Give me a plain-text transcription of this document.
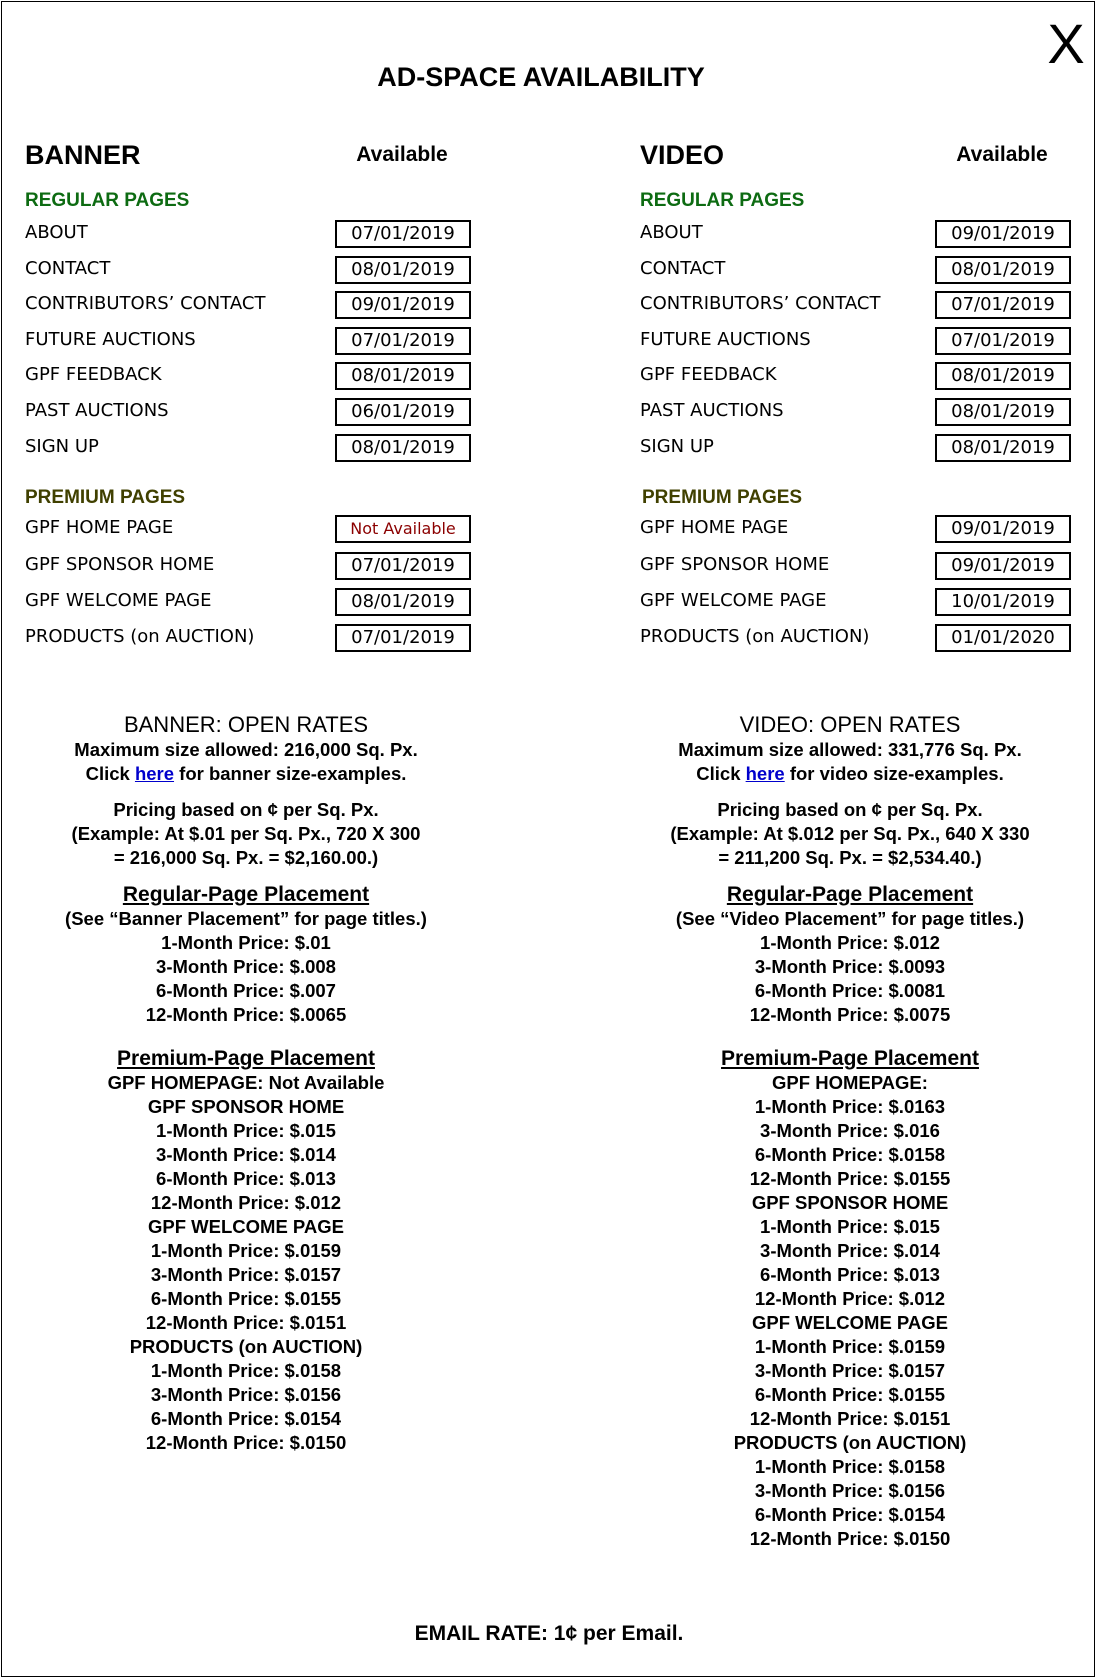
X
AD-SPACE AVAILABILITY
BANNER	Available
REGULAR PAGES
PREMIUM PAGES
VIDEO	Available
REGULAR PAGES
PREMIUM PAGES
ABOUT	07/01/2019
CONTACT	08/01/2019
CONTRIBUTORS’ CONTACT	09/01/2019
FUTURE AUCTIONS	07/01/2019
GPF FEEDBACK	08/01/2019
PAST AUCTIONS	06/01/2019
SIGN UP	08/01/2019
GPF HOME PAGE	Not Available
GPF SPONSOR HOME	07/01/2019
GPF WELCOME PAGE	08/01/2019
PRODUCTS (on AUCTION)	07/01/2019
ABOUT	09/01/2019
CONTACT	08/01/2019
CONTRIBUTORS’ CONTACT	07/01/2019
FUTURE AUCTIONS	07/01/2019
GPF FEEDBACK	08/01/2019
PAST AUCTIONS	08/01/2019
SIGN UP	08/01/2019
GPF HOME PAGE	09/01/2019
GPF SPONSOR HOME	09/01/2019
GPF WELCOME PAGE	10/01/2019
PRODUCTS (on AUCTION)	01/01/2020
BANNER: OPEN RATES
Maximum size allowed: 216,000 Sq. Px.
Click here for banner size-examples.
Pricing based on ¢ per Sq. Px.
(Example: At $.01 per Sq. Px., 720 X 300
= 216,000 Sq. Px. = $2,160.00.)
Regular-Page Placement
(See “Banner Placement” for page titles.)
1-Month Price: $.01
3-Month Price: $.008
6-Month Price: $.007
12-Month Price: $.0065
Premium-Page Placement
GPF HOMEPAGE: Not Available
GPF SPONSOR HOME
1-Month Price: $.015
3-Month Price: $.014
6-Month Price: $.013
12-Month Price: $.012
GPF WELCOME PAGE
1-Month Price: $.0159
3-Month Price: $.0157
6-Month Price: $.0155
12-Month Price: $.0151
PRODUCTS (on AUCTION)
1-Month Price: $.0158
3-Month Price: $.0156
6-Month Price: $.0154
12-Month Price: $.0150
VIDEO: OPEN RATES
Maximum size allowed: 331,776 Sq. Px.
Click here for video size-examples.
Pricing based on ¢ per Sq. Px.
(Example: At $.012 per Sq. Px., 640 X 330
= 211,200 Sq. Px. = $2,534.40.)
Regular-Page Placement
(See “Video Placement” for page titles.)
1-Month Price: $.012
3-Month Price: $.0093
6-Month Price: $.0081
12-Month Price: $.0075
Premium-Page Placement
GPF HOMEPAGE:
1-Month Price: $.0163
3-Month Price: $.016
6-Month Price: $.0158
12-Month Price: $.0155
GPF SPONSOR HOME
1-Month Price: $.015
3-Month Price: $.014
6-Month Price: $.013
12-Month Price: $.012
GPF WELCOME PAGE
1-Month Price: $.0159
3-Month Price: $.0157
6-Month Price: $.0155
12-Month Price: $.0151
PRODUCTS (on AUCTION)
1-Month Price: $.0158
3-Month Price: $.0156
6-Month Price: $.0154
12-Month Price: $.0150
EMAIL RATE: 1¢ per Email.
